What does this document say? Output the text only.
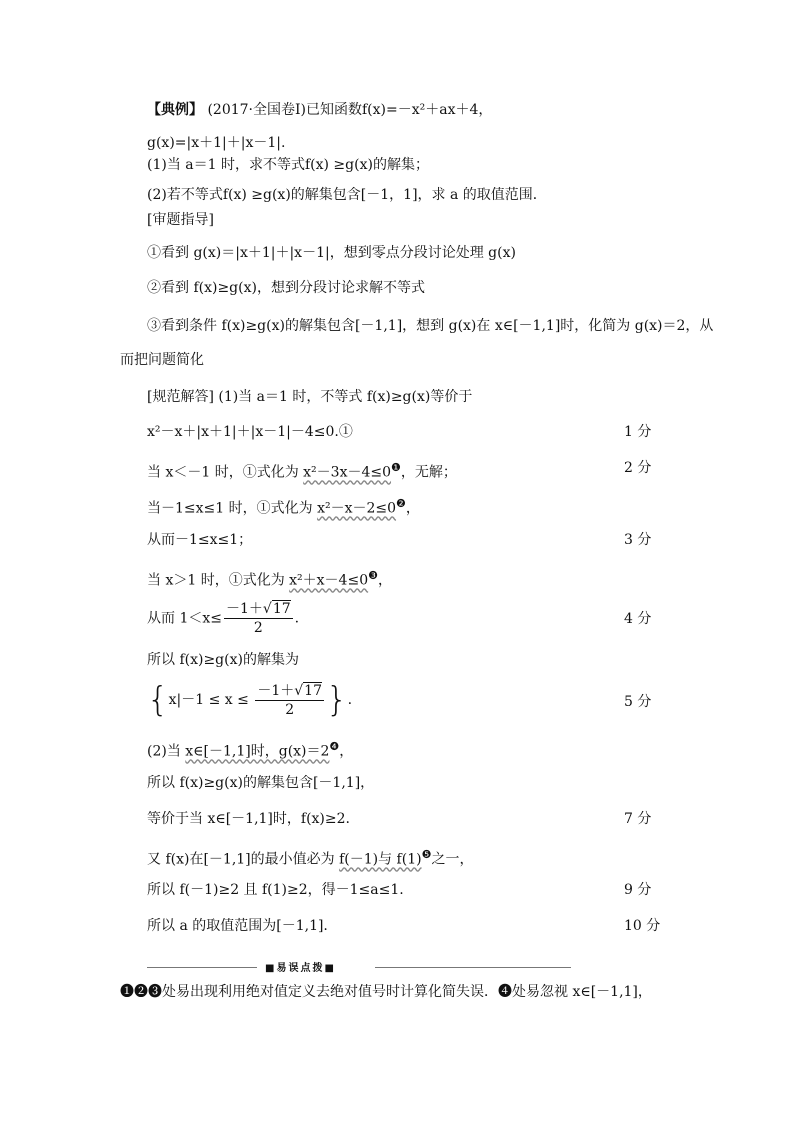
【典例】 (2017·全国卷Ⅰ)已知函数f(x)=－x²＋ax＋4，
g(x)=|x＋1|＋|x－1|.
(1)当 a＝1 时，求不等式f(x) ≥g(x)的解集；
(2)若不等式f(x) ≥g(x)的解集包含[－1，1]，求 a 的取值范围．
[审题指导]
①看到 g(x)＝|x＋1|＋|x－1|，想到零点分段讨论处理 g(x)
②看到 f(x)≥g(x)，想到分段讨论求解不等式
③看到条件 f(x)≥g(x)的解集包含[－1,1]，想到 g(x)在 x∈[－1,1]时，化简为 g(x)＝2，从
而把问题简化
[规范解答] (1)当 a＝1 时，不等式 f(x)≥g(x)等价于
x²－x＋|x＋1|＋|x－1|－4≤0.①	1 分
当 x＜－1 时，①式化为 $x^2-3x-4\le 0^❶$，无解；	2 分
当－1≤x≤1 时，①式化为 $x^2-x-2\le 0^❷$，
从而－1≤x≤1；	3 分
当 x＞1 时，①式化为 $x^2+x-4\le 0^❸$，
从而 $1<x\le \frac{-1+√17}{2}$ .	4 分
所以 f(x)≥g(x)的解集为
{$x|-1 \le x \le \frac{-1+√17}{2}$ }.	5 分
(2)当 x∈[－1,1]时，$g(x)=2^❹$，
所以 f(x)≥g(x)的解集包含[－1,1]，
等价于当 x∈[－1,1]时，f(x)≥2.	7 分
又 f(x)在[－1,1]的最小值必为 f(－1)与 $f(1)^❺$之一，
所以 f(－1)≥2 且 f(1)≥2，得－1≤a≤1.	9 分
所以 a 的取值范围为[－1,1].	10 分
■易误点拨■
❶❷❸处易出现利用绝对值定义去绝对值号时计算化简失误．❹处易忽视 x∈[－1,1]，
